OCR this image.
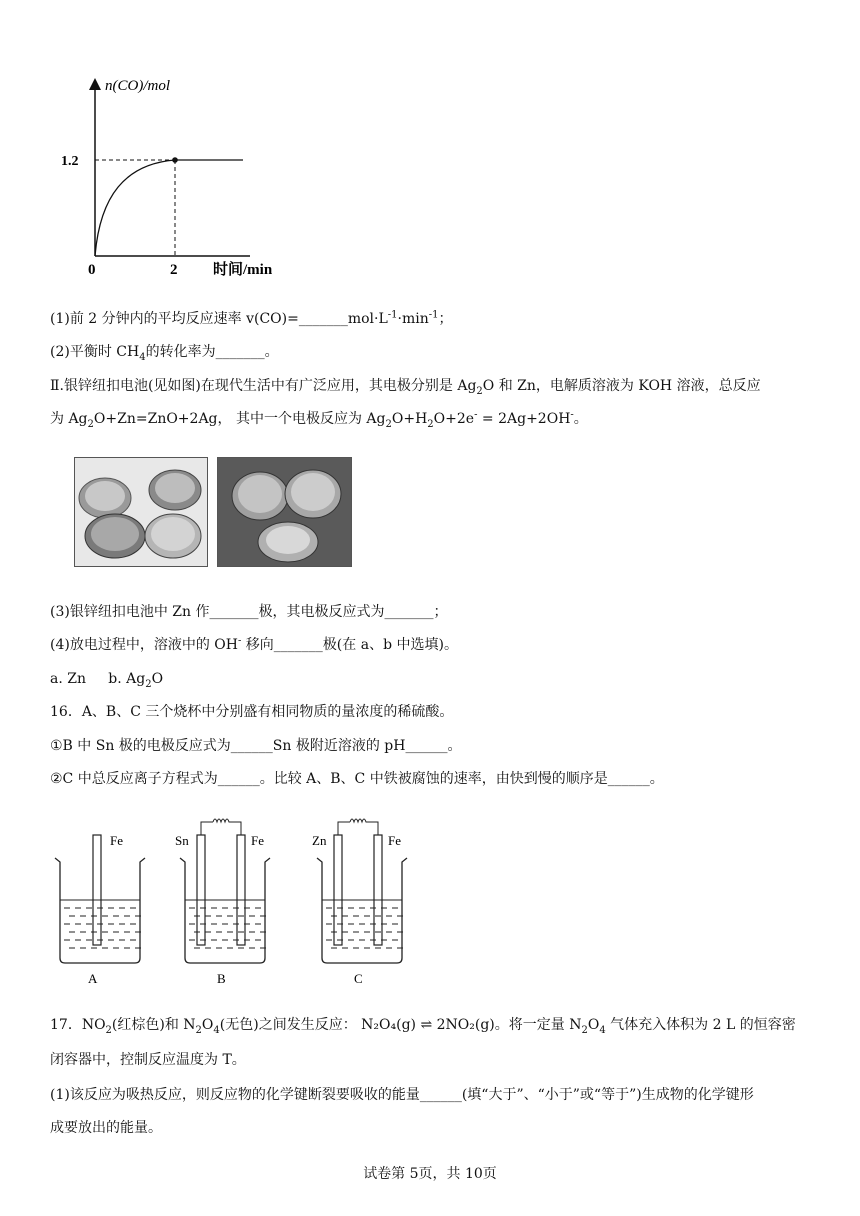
n(CO)/mol
1.2
0	2 时间/min
(1)前 2 分钟内的平均反应速率 $v(CO)=\_\_\_\_\_\_\_mol\cdot L^{-1}\cdot\min^{-1}$；
(2)平衡时 $CH_4$的转化率为_______。
Ⅱ.银锌纽扣电池(见如图)在现代生活中有广泛应用，其电极分别是 $Ag_2O$ 和 Zn，电解质溶液为 KOH 溶液，总反应
为 $Ag_2O+Zn=ZnO+2Ag$， 其中一个电极反应为 $Ag_2O+H_2O+2e^- = 2Ag+2OH^-$。
(3)银锌纽扣电池中 Zn 作_______极，其电极反应式为_______；
(4)放电过程中，溶液中的 OH- 移向_______极(在 a、b 中选填)。
a. Zn b. $Ag_2O$
16．A、B、C 三个烧杯中分别盛有相同物质的量浓度的稀硫酸。
①B 中 Sn 极的电极反应式为______Sn 极附近溶液的 pH______。
②C 中总反应离子方程式为______。比较 A、B、C 中铁被腐蚀的速率，由快到慢的顺序是______。
Fe
A
Sn	Fe
B
Zn	Fe
C
17．$NO_2$(红棕色)和 $N_2O_4$(无色)之间发生反应： N₂O₄(g) ⇌ 2NO₂(g)。将一定量 $N_2O_4$ 气体充入体积为 2 L 的恒容密
闭容器中，控制反应温度为 T。
(1)该反应为吸热反应，则反应物的化学键断裂要吸收的能量______(填“大于”、“小于”或“等于”)生成物的化学键形
成要放出的能量。
试卷第 5页，共 10页
